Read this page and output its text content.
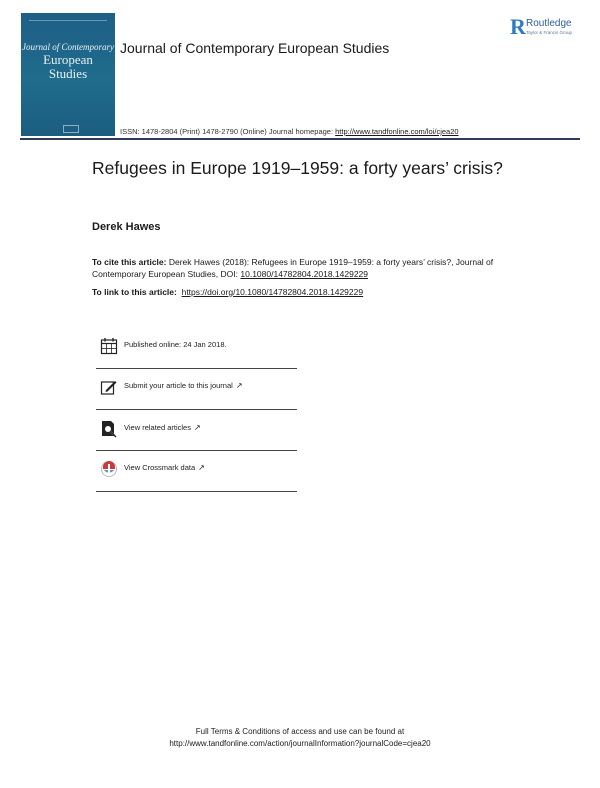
Journal of Contemporary
European
Studies
Journal of Contemporary European Studies
R Routledge
Taylor & Francis Group
ISSN: 1478-2804 (Print) 1478-2790 (Online) Journal homepage: http://www.tandfonline.com/loi/cjea20
Refugees in Europe 1919–1959: a forty years’ crisis?
Derek Hawes
To cite this article: Derek Hawes (2018): Refugees in Europe 1919–1959: a forty years’ crisis?, Journal of Contemporary European Studies, DOI: 10.1080/14782804.2018.1429229
To link to this article: https://doi.org/10.1080/14782804.2018.1429229
Published online: 24 Jan 2018.
Submit your article to this journal ↗
View related articles ↗
View Crossmark data ↗
Full Terms & Conditions of access and use can be found at
http://www.tandfonline.com/action/journalInformation?journalCode=cjea20
